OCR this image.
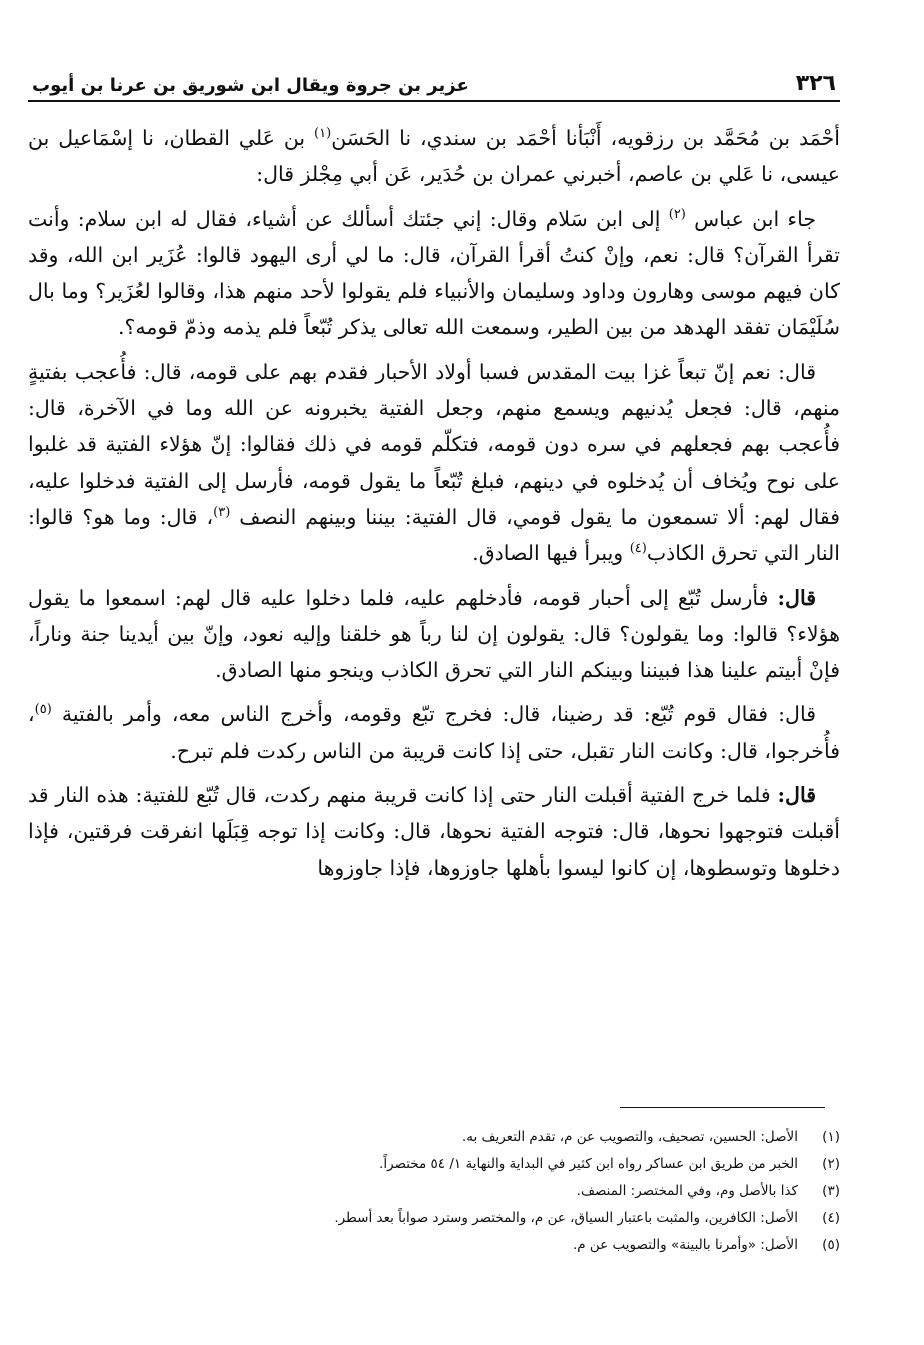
٣٢٦
عزير بن جروة ويقال ابن شوريق بن عرنا بن أيوب

أحْمَد بن مُحَمَّد بن رزقويه، أَنْبَأنا أحْمَد بن سندي، نا الحَسَن$^{(١)}$ بن عَلي القطان، نا إسْمَاعيل بن عيسى، نا عَلي بن عاصم، أخبرني عمران بن حُدَير، عَن أبي مِجْلز قال:

جاء ابن عباس $^{(٢)}$ إلى ابن سَلام وقال: إني جئتك أسألك عن أشياء، فقال له ابن سلام: وأنت تقرأ القرآن؟ قال: نعم، وإنْ كنتُ أقرأ القرآن، قال: ما لي أرى اليهود قالوا: عُزَير ابن الله، وقد كان فيهم موسى وهارون وداود وسليمان والأنبياء فلم يقولوا لأحد منهم هذا، وقالوا لعُزَير؟ وما بال سُلَيْمَان تفقد الهدهد من بين الطير، وسمعت الله تعالى يذكر تُبّعاً فلم يذمه وذمّ قومه؟.

قال: نعم إنّ تبعاً غزا بيت المقدس فسبا أولاد الأحبار فقدم بهم على قومه، قال: فأُعجب بفتيةٍ منهم، قال: فجعل يُدنيهم ويسمع منهم، وجعل الفتية يخبرونه عن الله وما في الآخرة، قال: فأُعجب بهم فجعلهم في سره دون قومه، فتكلّم قومه في ذلك فقالوا: إنّ هؤلاء الفتية قد غلبوا على نوح ويُخاف أن يُدخلوه في دينهم، فبلغ تُبّعاً ما يقول قومه، فأرسل إلى الفتية فدخلوا عليه، فقال لهم: ألا تسمعون ما يقول قومي، قال الفتية: بيننا وبينهم النصف $^{(٣)}$، قال: وما هو؟ قالوا: النار التي تحرق الكاذب$^{(٤)}$ ويبرأ فيها الصادق.

قال: فأرسل تُبّع إلى أحبار قومه، فأدخلهم عليه، فلما دخلوا عليه قال لهم: اسمعوا ما يقول هؤلاء؟ قالوا: وما يقولون؟ قال: يقولون إن لنا رباً هو خلقنا وإليه نعود، وإنّ بين أيدينا جنة وناراً، فإنْ أبيتم علينا هذا فبيننا وبينكم النار التي تحرق الكاذب وينجو منها الصادق.

قال: فقال قوم تُبّع: قد رضينا، قال: فخرج تبّع وقومه، وأخرج الناس معه، وأمر بالفتية $^{(٥)}$، فأُخرجوا، قال: وكانت النار تقبل، حتى إذا كانت قريبة من الناس ركدت فلم تبرح.

قال: فلما خرج الفتية أقبلت النار حتى إذا كانت قريبة منهم ركدت، قال تُبّع للفتية: هذه النار قد أقبلت فتوجهوا نحوها، قال: فتوجه الفتية نحوها، قال: وكانت إذا توجه قِبَلَها انفرقت فرقتين، فإذا دخلوها وتوسطوها، إن كانوا ليسوا بأهلها جاوزوها، فإذا جاوزوها

(١)
الأصل: الحسين، تصحيف، والتصويب عن م، تقدم التعريف به.
(٢)
الخبر من طريق ابن عساكر رواه ابن كثير في البداية والنهاية ١/ ٥٤ مختصراً.
(٣)
كذا بالأصل وم، وفي المختصر: المنصف.
(٤)
الأصل: الكافرين، والمثبت باعتبار السياق، عن م، والمختصر وسترد صواباً بعد أسطر.
(٥)
الأصل: «وأمرنا بالبينة» والتصويب عن م.
